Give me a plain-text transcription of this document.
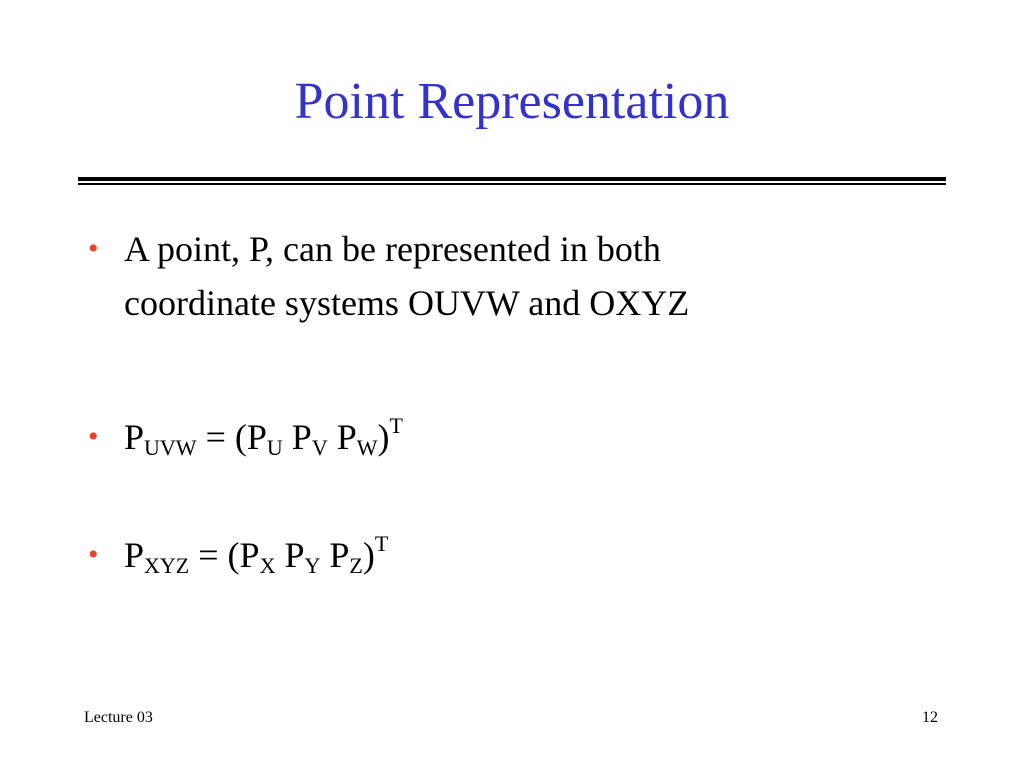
Point Representation
• A point, P, can be represented in both
coordinate systems OUVW and OXYZ
• $P_{UVW} = (P_U$ $P_V$ $P_W)^T$
• $P_{XYZ} = (P_X$ $P_Y$ $P_Z)^T$
Lecture 03	12
